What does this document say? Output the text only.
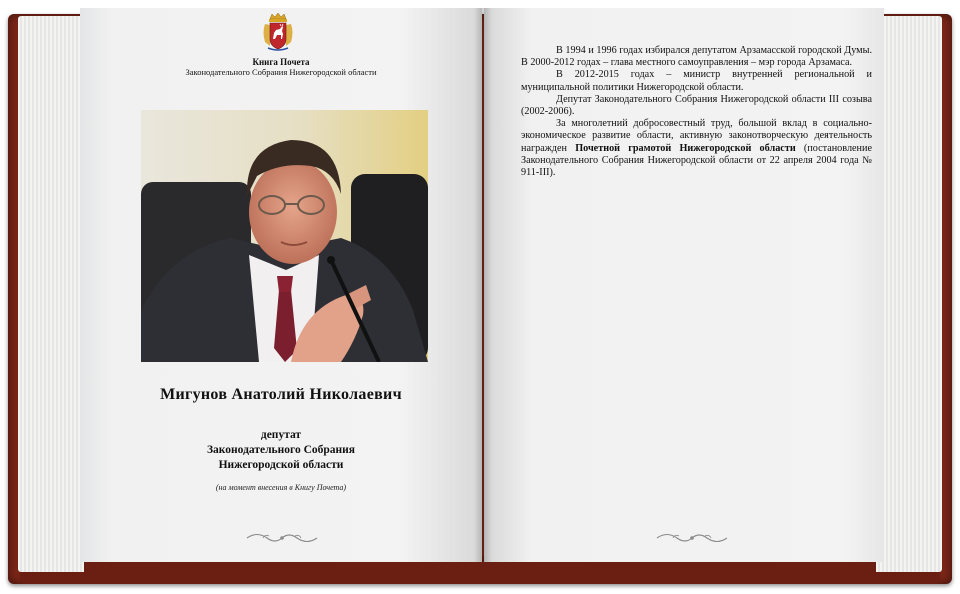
Книга Почета
Законодательного Собрания Нижегородской области
Мигунов Анатолий Николаевич
депутат
Законодательного Собрания
Нижегородской области
(на момент внесения в Книгу Почета)

В 1994 и 1996 годах избирался депутатом Арзамасской городской Думы. В 2000-2012 годах – глава местного самоуправления – мэр города Арзамаса.

В 2012-2015 годах – министр внутренней региональной и муниципальной политики Нижегородской области.

Депутат Законодательного Собрания Нижегородской области III созыва (2002-2006).

За многолетний добросовестный труд, большой вклад в социально-экономическое развитие области, активную законотворческую деятельность награжден Почетной грамотой Нижегородской области (постановление Законодательного Собрания Нижегородской области от 22 апреля 2004 года № 911-III).
